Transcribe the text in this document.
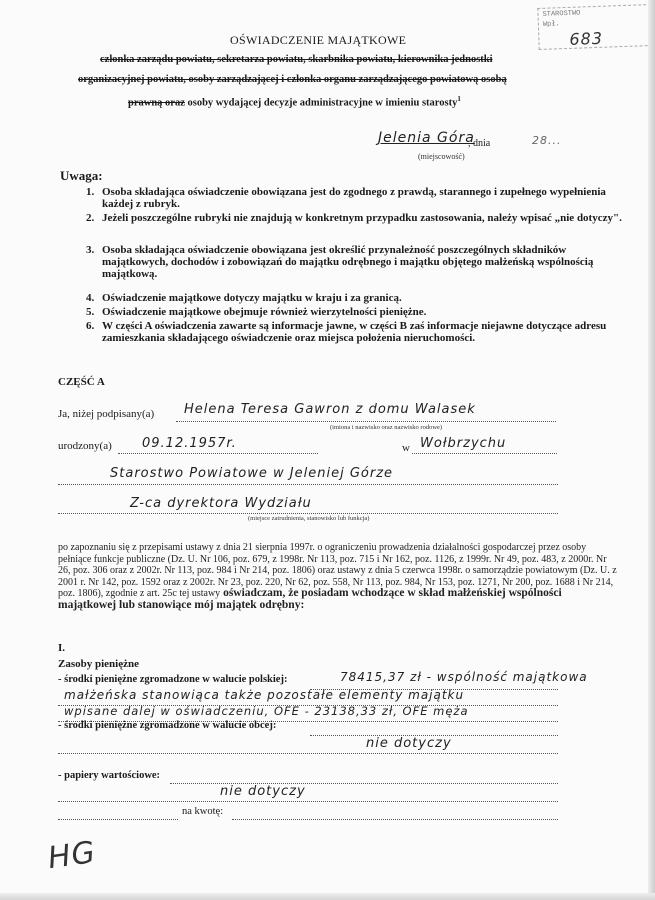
STAROSTWO
Wpł.
683
OŚWIADCZENIE MAJĄTKOWE
członka zarządu powiatu, sekretarza powiatu, skarbnika powiatu, kierownika jednostki
organizacyjnej powiatu, osoby zarządzającej i członka organu zarządzającego powiatową osobą
prawną oraz osoby wydającej decyzje administracyjne w imieniu starosty$^1$
Jelenia Góra
, dnia	28...
(miejscowość)
Uwaga:
1. Osoba składająca oświadczenie obowiązana jest do zgodnego z prawdą, starannego i zupełnego wypełnienia każdej z rubryk.
2. Jeżeli poszczególne rubryki nie znajdują w konkretnym przypadku zastosowania, należy wpisać „nie dotyczy".
3. Osoba składająca oświadczenie obowiązana jest określić przynależność poszczególnych składników majątkowych, dochodów i zobowiązań do majątku odrębnego i majątku objętego małżeńską wspólnością majątkową.
4. Oświadczenie majątkowe dotyczy majątku w kraju i za granicą.
5. Oświadczenie majątkowe obejmuje również wierzytelności pieniężne.
6. W części A oświadczenia zawarte są informacje jawne, w części B zaś informacje niejawne dotyczące adresu zamieszkania składającego oświadczenie oraz miejsca położenia nieruchomości.
CZĘŚĆ A
Ja, niżej podpisany(a) Helena Teresa Gawron z domu Walasek
(imiona i nazwisko oraz nazwisko rodowe)
urodzony(a) 09.12.1957r.	w Wołbrzychu
Starostwo Powiatowe w Jeleniej Górze
Z-ca dyrektora Wydziału
(miejsce zatrudnienia, stanowisko lub funkcja)
po zapoznaniu się z przepisami ustawy z dnia 21 sierpnia 1997r. o ograniczeniu prowadzenia działalności gospodarczej przez osoby pełniące funkcje publiczne (Dz. U. Nr 106, poz. 679, z 1998r. Nr 113, poz. 715 i Nr 162, poz. 1126, z 1999r. Nr 49, poz. 483, z 2000r. Nr 26, poz. 306 oraz z 2002r. Nr 113, poz. 984 i Nr 214, poz. 1806) oraz ustawy z dnia 5 czerwca 1998r. o samorządzie powiatowym (Dz. U. z 2001 r. Nr 142, poz. 1592 oraz z 2002r. Nr 23, poz. 220, Nr 62, poz. 558, Nr 113, poz. 984, Nr 153, poz. 1271, Nr 200, poz. 1688 i Nr 214, poz. 1806), zgodnie z art. 25c tej ustawy oświadczam, że posiadam wchodzące w skład małżeńskiej wspólności majątkowej lub stanowiące mój majątek odrębny:
I.
Zasoby pieniężne
- środki pieniężne zgromadzone w walucie polskiej:	78415,37 zł - wspólność majątkowa
małżeńska stanowiąca także pozostałe elementy majątku
wpisane dalej w oświadczeniu, OFE - 23138,33 zł, OFE męża
- środki pieniężne zgromadzone w walucie obcej:
nie dotyczy
- papiery wartościowe:
nie dotyczy
na kwotę:
HG
